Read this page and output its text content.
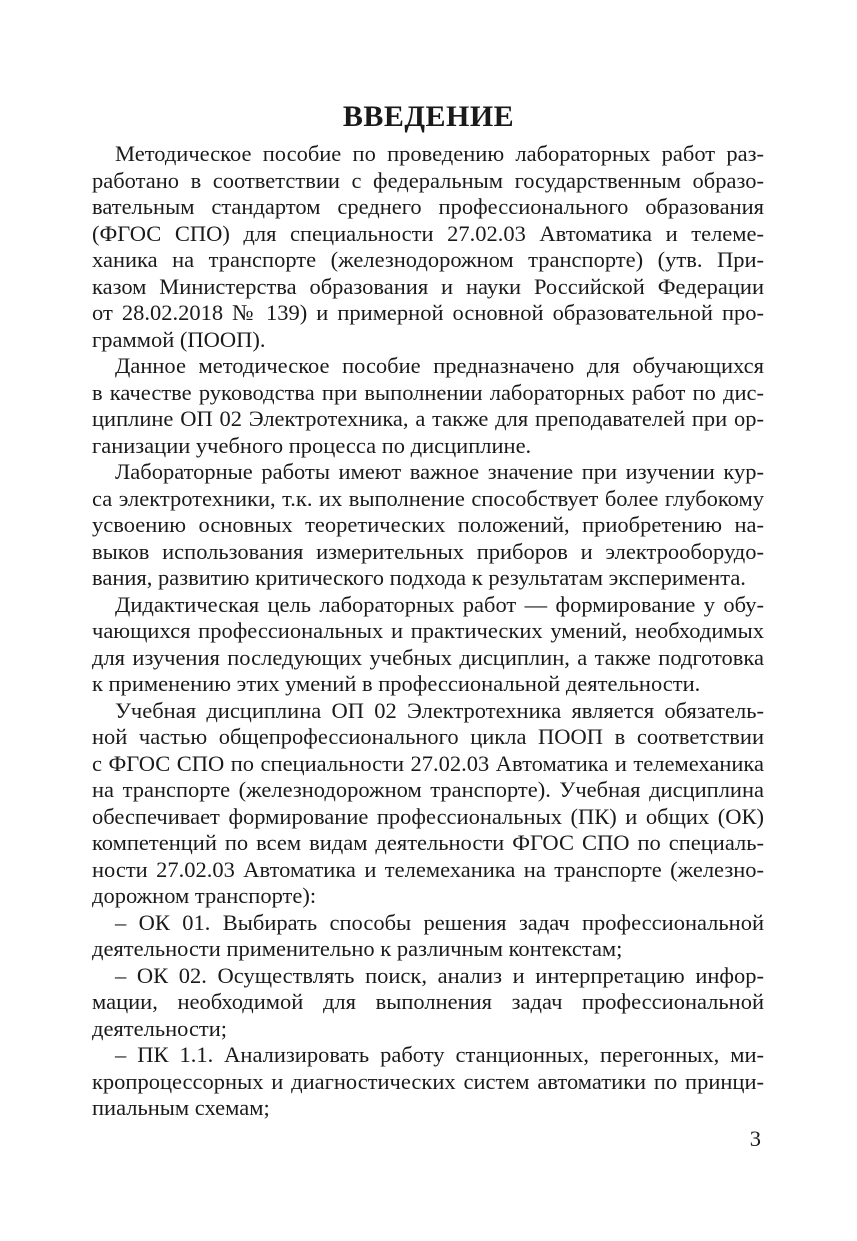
ВВЕДЕНИЕ
Методическое пособие по проведению лабораторных работ раз-
работано в соответствии с федеральным государственным образо-
вательным стандартом среднего профессионального образования
(ФГОС СПО) для специальности 27.02.03 Автоматика и телеме-
ханика на транспорте (железнодорожном транспорте) (утв. При-
казом Министерства образования и науки Российской Федерации
от 28.02.2018 № 139) и примерной основной образовательной про-
граммой (ПООП).
Данное методическое пособие предназначено для обучающихся
в качестве руководства при выполнении лабораторных работ по дис-
циплине ОП 02 Электротехника, а также для преподавателей при ор-
ганизации учебного процесса по дисциплине.
Лабораторные работы имеют важное значение при изучении кур-
са электротехники, т.к. их выполнение способствует более глубокому
усвоению основных теоретических положений, приобретению на-
выков использования измерительных приборов и электрооборудо-
вания, развитию критического подхода к результатам эксперимента.
Дидактическая цель лабораторных работ — формирование у обу-
чающихся профессиональных и практических умений, необходимых
для изучения последующих учебных дисциплин, а также подготовка
к применению этих умений в профессиональной деятельности.
Учебная дисциплина ОП 02 Электротехника является обязатель-
ной частью общепрофессионального цикла ПООП в соответствии
с ФГОС СПО по специальности 27.02.03 Автоматика и телемеханика
на транспорте (железнодорожном транспорте). Учебная дисциплина
обеспечивает формирование профессиональных (ПК) и общих (ОК)
компетенций по всем видам деятельности ФГОС СПО по специаль-
ности 27.02.03 Автоматика и телемеханика на транспорте (железно-
дорожном транспорте):
– ОК 01. Выбирать способы решения задач профессиональной
деятельности применительно к различным контекстам;
– ОК 02. Осуществлять поиск, анализ и интерпретацию инфор-
мации, необходимой для выполнения задач профессиональной
деятельности;
– ПК 1.1. Анализировать работу станционных, перегонных, ми-
кропроцессорных и диагностических систем автоматики по принци-
пиальным схемам;
3
